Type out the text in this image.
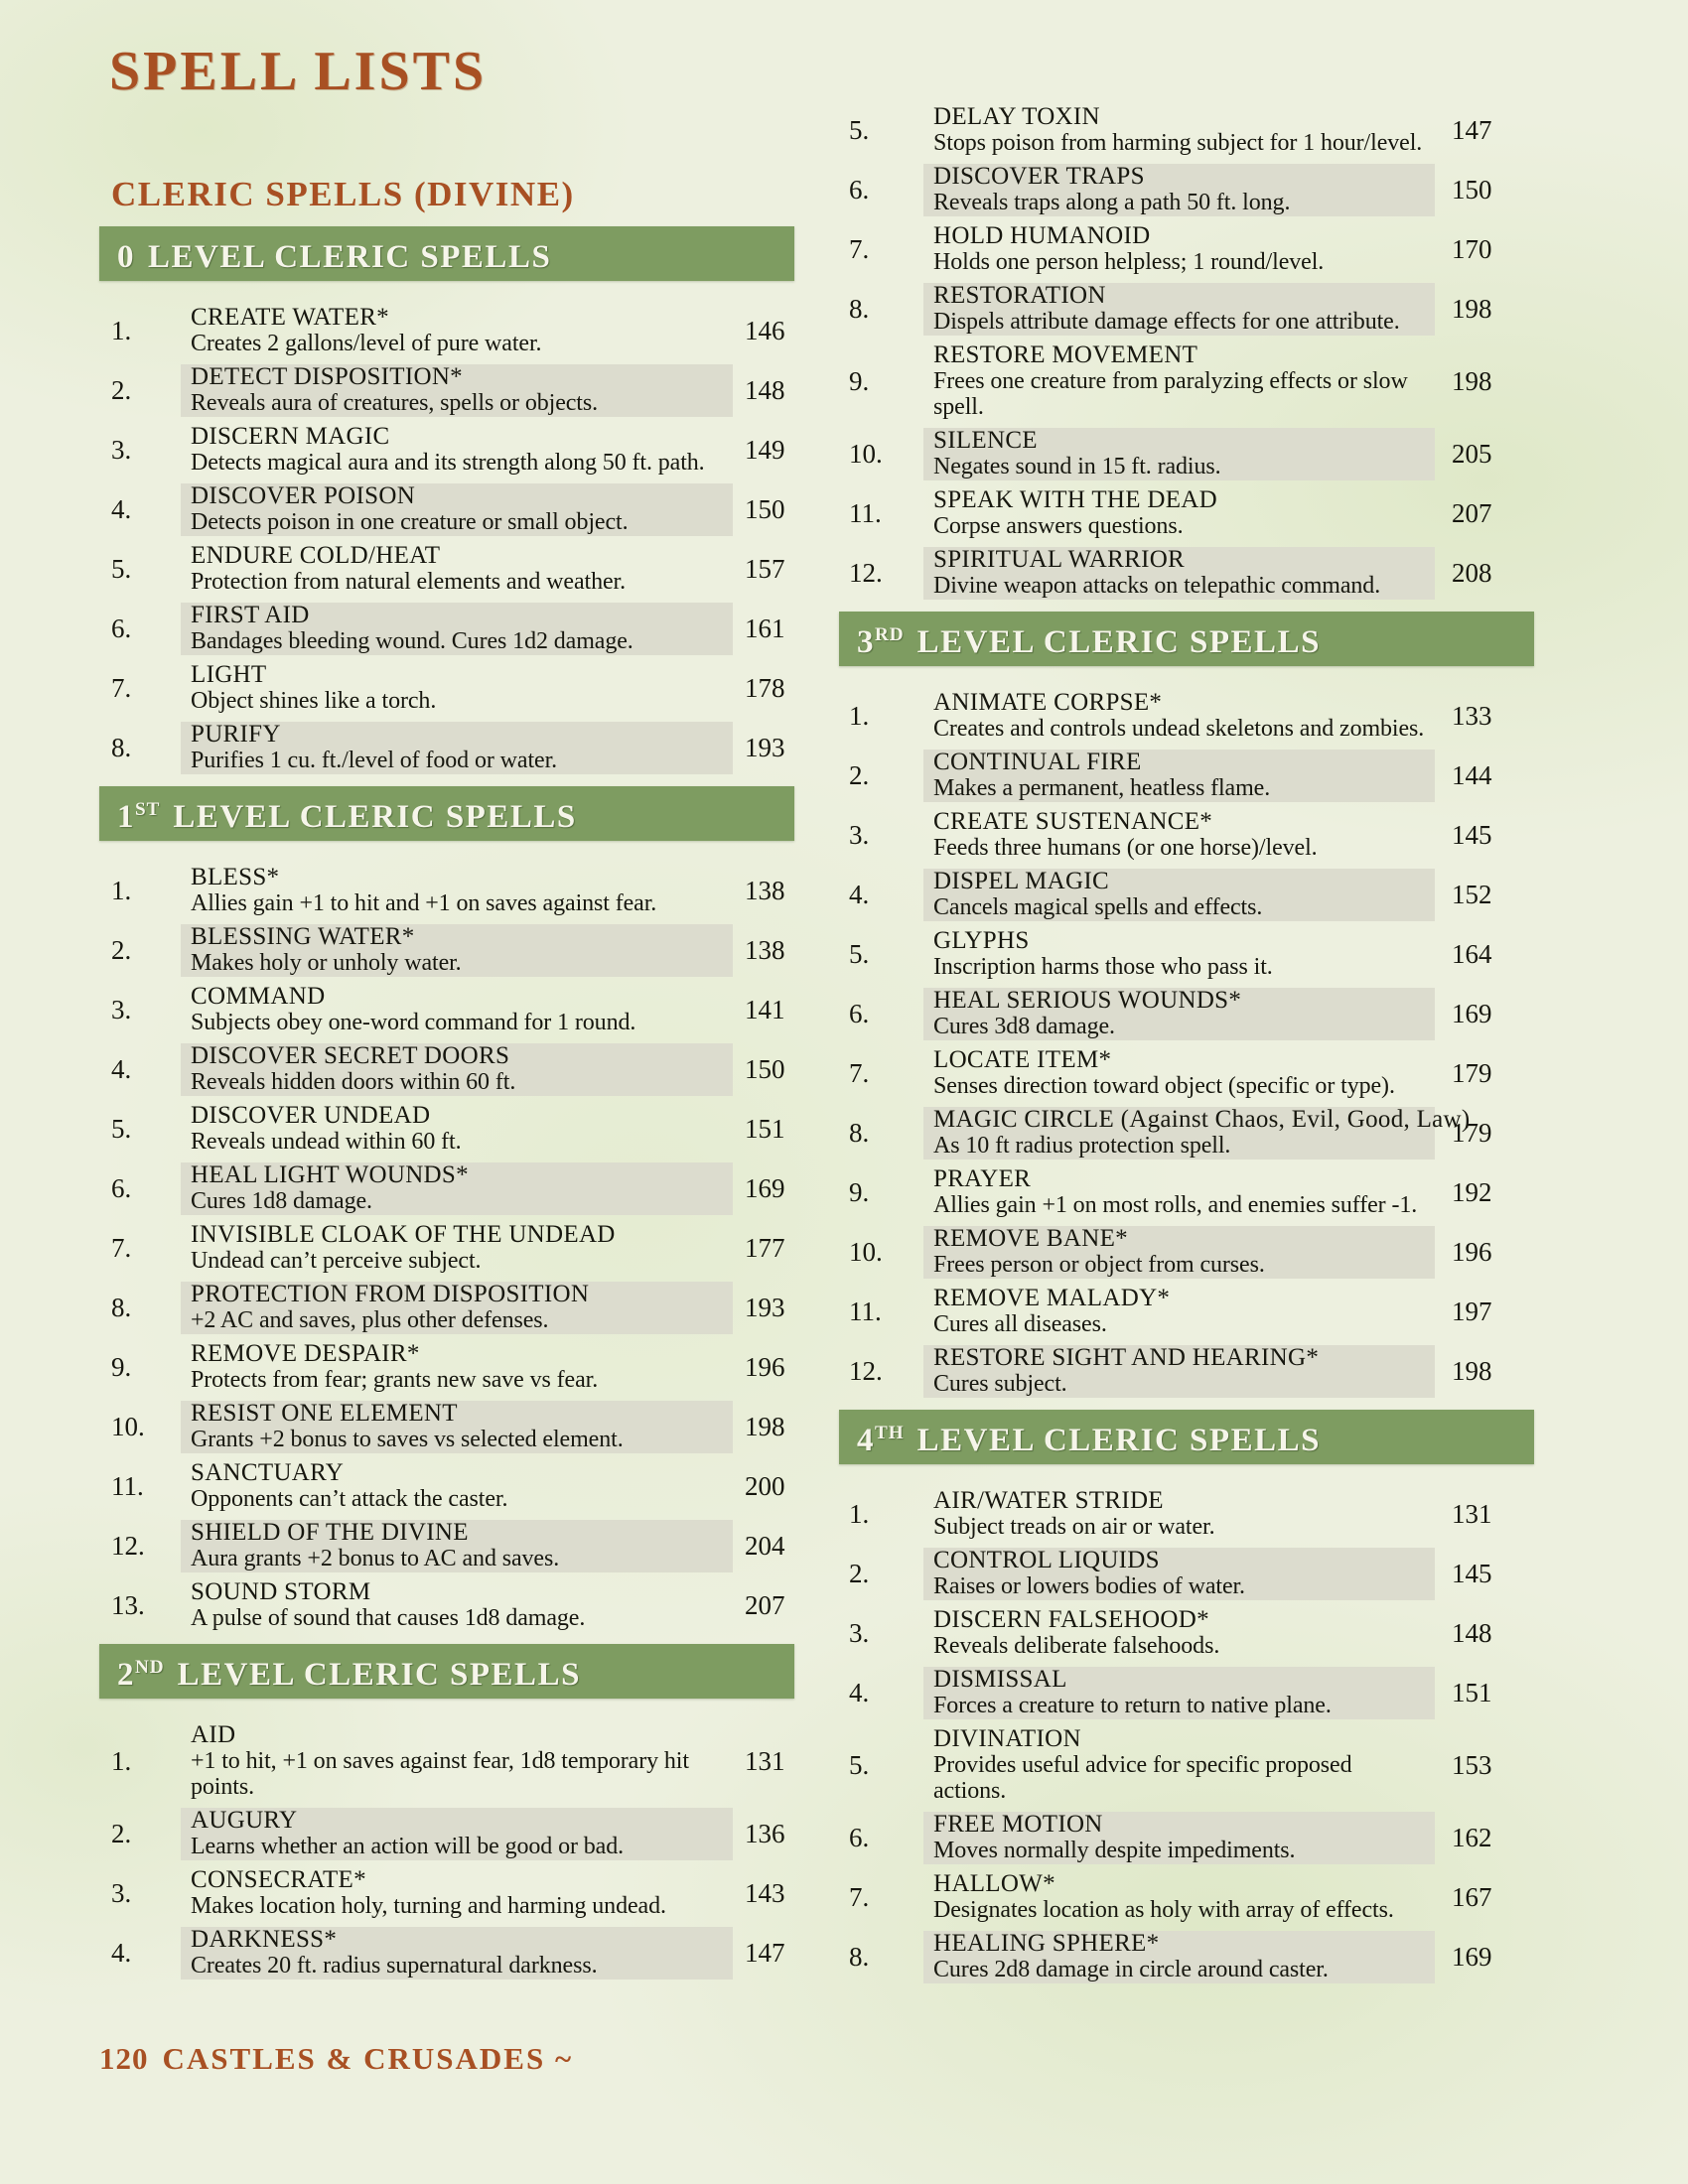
SPELL LISTS
CLERIC SPELLS (DIVINE)
0 LEVEL CLERIC SPELLS
1.	CREATE WATER*
Creates 2 gallons/level of pure water.	146
2.	DETECT DISPOSITION*
Reveals aura of creatures, spells or objects.	148
3.	DISCERN MAGIC
Detects magical aura and its strength along 50 ft. path.	149
4.	DISCOVER POISON
Detects poison in one creature or small object.	150
5.	ENDURE COLD/HEAT
Protection from natural elements and weather.	157
6.	FIRST AID
Bandages bleeding wound. Cures 1d2 damage.	161
7.	LIGHT
Object shines like a torch.	178
8.	PURIFY
Purifies 1 cu. ft./level of food or water.	193
1ST LEVEL CLERIC SPELLS
1.	BLESS*
Allies gain +1 to hit and +1 on saves against fear.	138
2.	BLESSING WATER*
Makes holy or unholy water.	138
3.	COMMAND
Subjects obey one-word command for 1 round.	141
4.	DISCOVER SECRET DOORS
Reveals hidden doors within 60 ft.	150
5.	DISCOVER UNDEAD
Reveals undead within 60 ft.	151
6.	HEAL LIGHT WOUNDS*
Cures 1d8 damage.	169
7.	INVISIBLE CLOAK OF THE UNDEAD
Undead can’t perceive subject.	177
8.	PROTECTION FROM DISPOSITION
+2 AC and saves, plus other defenses.	193
9.	REMOVE DESPAIR*
Protects from fear; grants new save vs fear.	196
10.	RESIST ONE ELEMENT
Grants +2 bonus to saves vs selected element.	198
11.	SANCTUARY
Opponents can’t attack the caster.	200
12.	SHIELD OF THE DIVINE
Aura grants +2 bonus to AC and saves.	204
13.	SOUND STORM
A pulse of sound that causes 1d8 damage.	207
2ND LEVEL CLERIC SPELLS
1.
AID
+1 to hit, +1 on saves against fear, 1d8 temporary hit points.
131
2.	AUGURY
Learns whether an action will be good or bad.	136
3.	CONSECRATE*
Makes location holy, turning and harming undead.	143
4.	DARKNESS*
Creates 20 ft. radius supernatural darkness.	147
5.	DELAY TOXIN
Stops poison from harming subject for 1 hour/level.	147
6.	DISCOVER TRAPS
Reveals traps along a path 50 ft. long.	150
7.	HOLD HUMANOID
Holds one person helpless; 1 round/level.	170
8.	RESTORATION
Dispels attribute damage effects for one attribute.	198
9.
RESTORE MOVEMENT
Frees one creature from paralyzing effects or slow spell.
198
10.	SILENCE
Negates sound in 15 ft. radius.	205
11.	SPEAK WITH THE DEAD
Corpse answers questions.	207
12.	SPIRITUAL WARRIOR
Divine weapon attacks on telepathic command.	208
3RD LEVEL CLERIC SPELLS
1.	ANIMATE CORPSE*
Creates and controls undead skeletons and zombies.	133
2.	CONTINUAL FIRE
Makes a permanent, heatless flame.	144
3.	CREATE SUSTENANCE*
Feeds three humans (or one horse)/level.	145
4.	DISPEL MAGIC
Cancels magical spells and effects.	152
5.	GLYPHS
Inscription harms those who pass it.	164
6.	HEAL SERIOUS WOUNDS*
Cures 3d8 damage.	169
7.	LOCATE ITEM*
Senses direction toward object (specific or type).	179
8.	MAGIC CIRCLE (Against Chaos, Evil, Good, Law)
As 10 ft radius protection spell.	179
9.	PRAYER
Allies gain +1 on most rolls, and enemies suffer -1.	192
10.	REMOVE BANE*
Frees person or object from curses.	196
11.	REMOVE MALADY*
Cures all diseases.	197
12.	RESTORE SIGHT AND HEARING*
Cures subject.	198
4TH LEVEL CLERIC SPELLS
1.	AIR/WATER STRIDE
Subject treads on air or water.	131
2.	CONTROL LIQUIDS
Raises or lowers bodies of water.	145
3.	DISCERN FALSEHOOD*
Reveals deliberate falsehoods.	148
4.	DISMISSAL
Forces a creature to return to native plane.	151
5.
DIVINATION
Provides useful advice for specific proposed actions.
153
6.	FREE MOTION
Moves normally despite impediments.	162
7.	HALLOW*
Designates location as holy with array of effects.	167
8.	HEALING SPHERE*
Cures 2d8 damage in circle around caster.	169
120 CASTLES & CRUSADES ~
